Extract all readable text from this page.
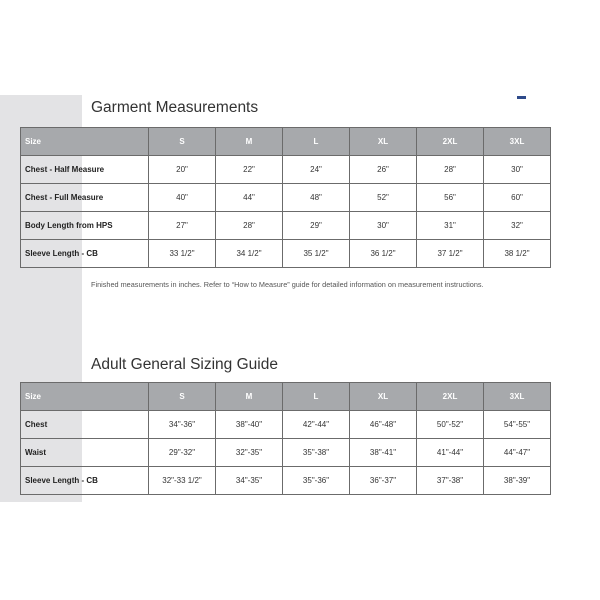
Garment Measurements
Size	S	M	L	XL	2XL	3XL
Chest - Half Measure	20"	22"	24"	26"	28"	30"
Chest - Full Measure	40"	44"	48"	52"	56"	60"
Body Length from HPS	27"	28"	29"	30"	31"	32"
Sleeve Length - CB	33 1/2"	34 1/2"	35 1/2"	36 1/2"	37 1/2"	38 1/2"
Finished measurements in inches. Refer to “How to Measure” guide for detailed information on measurement instructions.
Adult General Sizing Guide
Size	S	M	L	XL	2XL	3XL
Chest	34"-36"	38"-40"	42"-44"	46"-48"	50"-52"	54"-55"
Waist	29"-32"	32"-35"	35"-38"	38"-41"	41"-44"	44"-47"
Sleeve Length - CB	32"-33 1/2"	34"-35"	35"-36"	36"-37"	37"-38"	38"-39"
